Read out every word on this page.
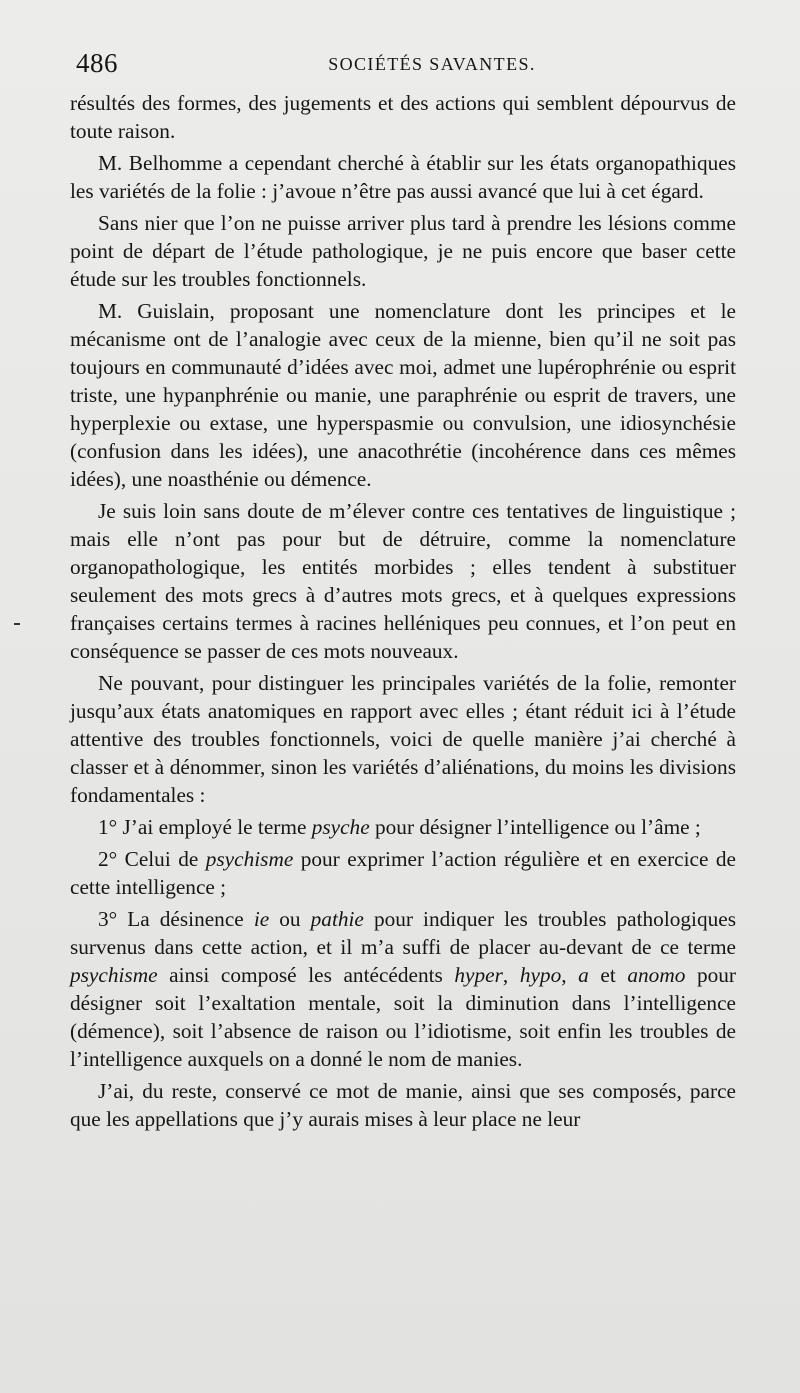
486	SOCIÉTÉS SAVANTES.

résultés des formes, des jugements et des actions qui semblent dépourvus de toute raison.

M. Belhomme a cependant cherché à établir sur les états organopathiques les variétés de la folie : j’avoue n’être pas aussi avancé que lui à cet égard.

Sans nier que l’on ne puisse arriver plus tard à prendre les lésions comme point de départ de l’étude pathologique, je ne puis encore que baser cette étude sur les troubles fonctionnels.

M. Guislain, proposant une nomenclature dont les principes et le mécanisme ont de l’analogie avec ceux de la mienne, bien qu’il ne soit pas toujours en communauté d’idées avec moi, admet une lupérophrénie ou esprit triste, une hypanphrénie ou manie, une paraphrénie ou esprit de travers, une hyperplexie ou extase, une hyperspasmie ou convulsion, une idiosynchésie (confusion dans les idées), une anacothrétie (incohérence dans ces mêmes idées), une noasthénie ou démence.

Je suis loin sans doute de m’élever contre ces tentatives de linguistique ; mais elle n’ont pas pour but de détruire, comme la nomenclature organopathologique, les entités morbides ; elles tendent à substituer seulement des mots grecs à d’autres mots grecs, et à quelques expressions françaises certains termes à racines helléniques peu connues, et l’on peut en conséquence se passer de ces mots nouveaux.

Ne pouvant, pour distinguer les principales variétés de la folie, remonter jusqu’aux états anatomiques en rapport avec elles ; étant réduit ici à l’étude attentive des troubles fonctionnels, voici de quelle manière j’ai cherché à classer et à dénommer, sinon les variétés d’aliénations, du moins les divisions fondamentales :

1° J’ai employé le terme psyche pour désigner l’intelligence ou l’âme ;

2° Celui de psychisme pour exprimer l’action régulière et en exercice de cette intelligence ;

3° La désinence ie ou pathie pour indiquer les troubles pathologiques survenus dans cette action, et il m’a suffi de placer au-devant de ce terme psychisme ainsi composé les antécédents hyper, hypo, a et anomo pour désigner soit l’exaltation mentale, soit la diminution dans l’intelligence (démence), soit l’absence de raison ou l’idiotisme, soit enfin les troubles de l’intelligence auxquels on a donné le nom de manies.

J’ai, du reste, conservé ce mot de manie, ainsi que ses composés, parce que les appellations que j’y aurais mises à leur place ne leur
